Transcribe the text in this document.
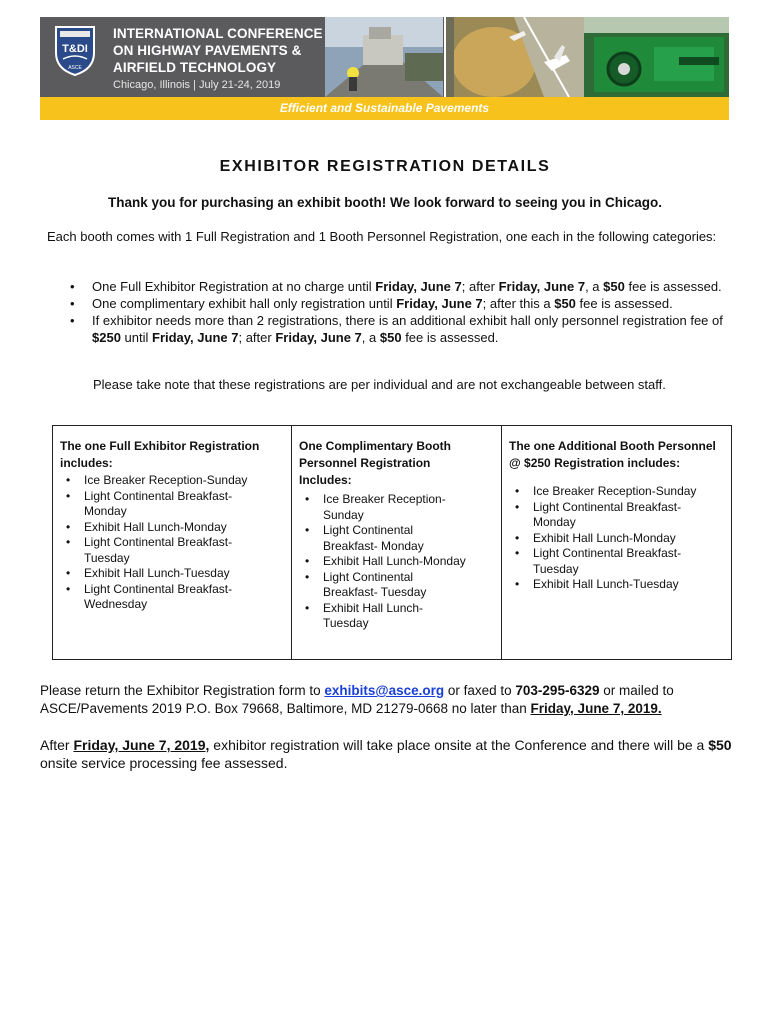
T&DI
ASCE
INTERNATIONAL CONFERENCE
ON HIGHWAY PAVEMENTS &
AIRFIELD TECHNOLOGY
Chicago, Illinois | July 21-24, 2019
Efficient and Sustainable Pavements
EXHIBITOR REGISTRATION DETAILS
Thank you for purchasing an exhibit booth! We look forward to seeing you in Chicago.
Each booth comes with 1 Full Registration and 1 Booth Personnel Registration, one each in the following categories:
• One Full Exhibitor Registration at no charge until Friday, June 7; after Friday, June 7, a $50 fee is assessed.
• One complimentary exhibit hall only registration until Friday, June 7; after this a $50 fee is assessed.
• If exhibitor needs more than 2 registrations, there is an additional exhibit hall only personnel registration fee of $250 until Friday, June 7; after Friday, June 7, a $50 fee is assessed.
Please take note that these registrations are per individual and are not exchangeable between staff.
The one Full Exhibitor Registration
includes:
• Ice Breaker Reception-Sunday
• Light Continental Breakfast-
Monday
• Exhibit Hall Lunch-Monday
• Light Continental Breakfast-
Tuesday
• Exhibit Hall Lunch-Tuesday
• Light Continental Breakfast-
Wednesday
One Complimentary Booth
Personnel Registration
Includes:
• Ice Breaker Reception-
Sunday
• Light Continental
Breakfast- Monday
• Exhibit Hall Lunch-Monday
• Light Continental
Breakfast- Tuesday
• Exhibit Hall Lunch-
Tuesday
The one Additional Booth Personnel
@ $250 Registration includes:
• Ice Breaker Reception-Sunday
• Light Continental Breakfast-
Monday
• Exhibit Hall Lunch-Monday
• Light Continental Breakfast-
Tuesday
• Exhibit Hall Lunch-Tuesday
Please return the Exhibitor Registration form to exhibits@asce.org or faxed to 703-295-6329 or mailed to ASCE/Pavements 2019 P.O. Box 79668, Baltimore, MD 21279-0668 no later than Friday, June 7, 2019.
After Friday, June 7, 2019, exhibitor registration will take place onsite at the Conference and there will be a $50 onsite service processing fee assessed.
